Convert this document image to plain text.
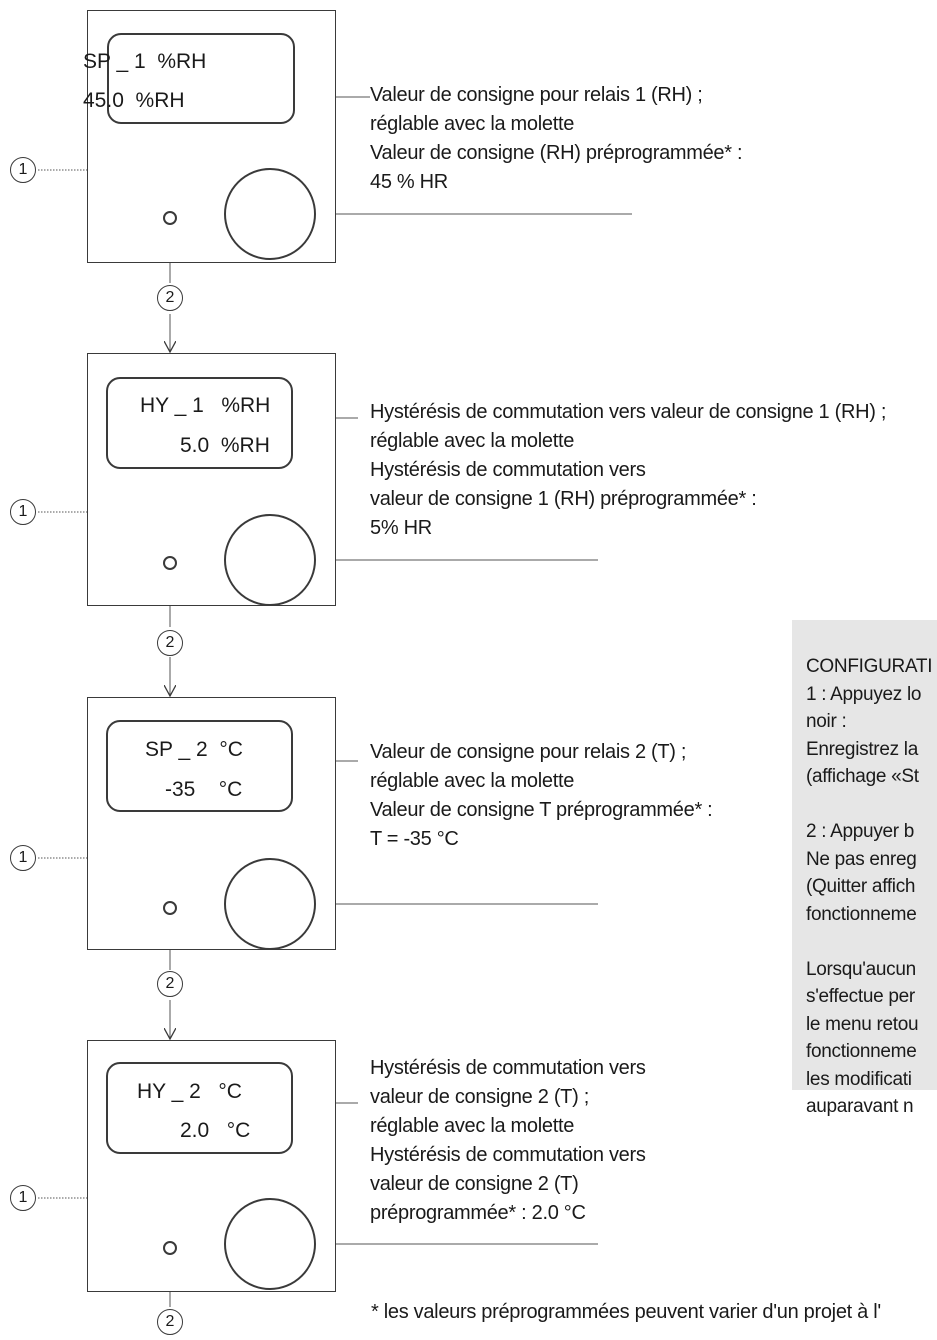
SP _ 1  %RH
45.0  %RH
HY _ 1   %RH
5.0  %RH
SP _ 2  °C
-35    °C
HY _ 2   °C
2.0   °C
1
2
1
2
1
2
1
2
Valeur de consigne pour relais 1 (RH) ;
réglable avec la molette
Valeur de consigne (RH) préprogrammée* :
45 % HR
Hystérésis de commutation vers valeur de consigne 1 (RH) ;
réglable avec la molette
Hystérésis de commutation vers
valeur de consigne 1 (RH) préprogrammée* :
5% HR
Valeur de consigne pour relais 2 (T) ;
réglable avec la molette
Valeur de consigne T préprogrammée* :
T = -35 °C
Hystérésis de commutation vers
valeur de consigne 2 (T) ;
réglable avec la molette
Hystérésis de commutation vers
valeur de consigne 2 (T)
préprogrammée* : 2.0 °C
CONFIGURATI
1 : Appuyez lo
noir :
Enregistrez la
(affichage «St
2 : Appuyer b
Ne pas enreg
(Quitter affich
fonctionneme
Lorsqu'aucun
s'effectue per
le menu retou
fonctionneme
les modificati
auparavant n
* les valeurs préprogrammées peuvent varier d'un projet à l'
